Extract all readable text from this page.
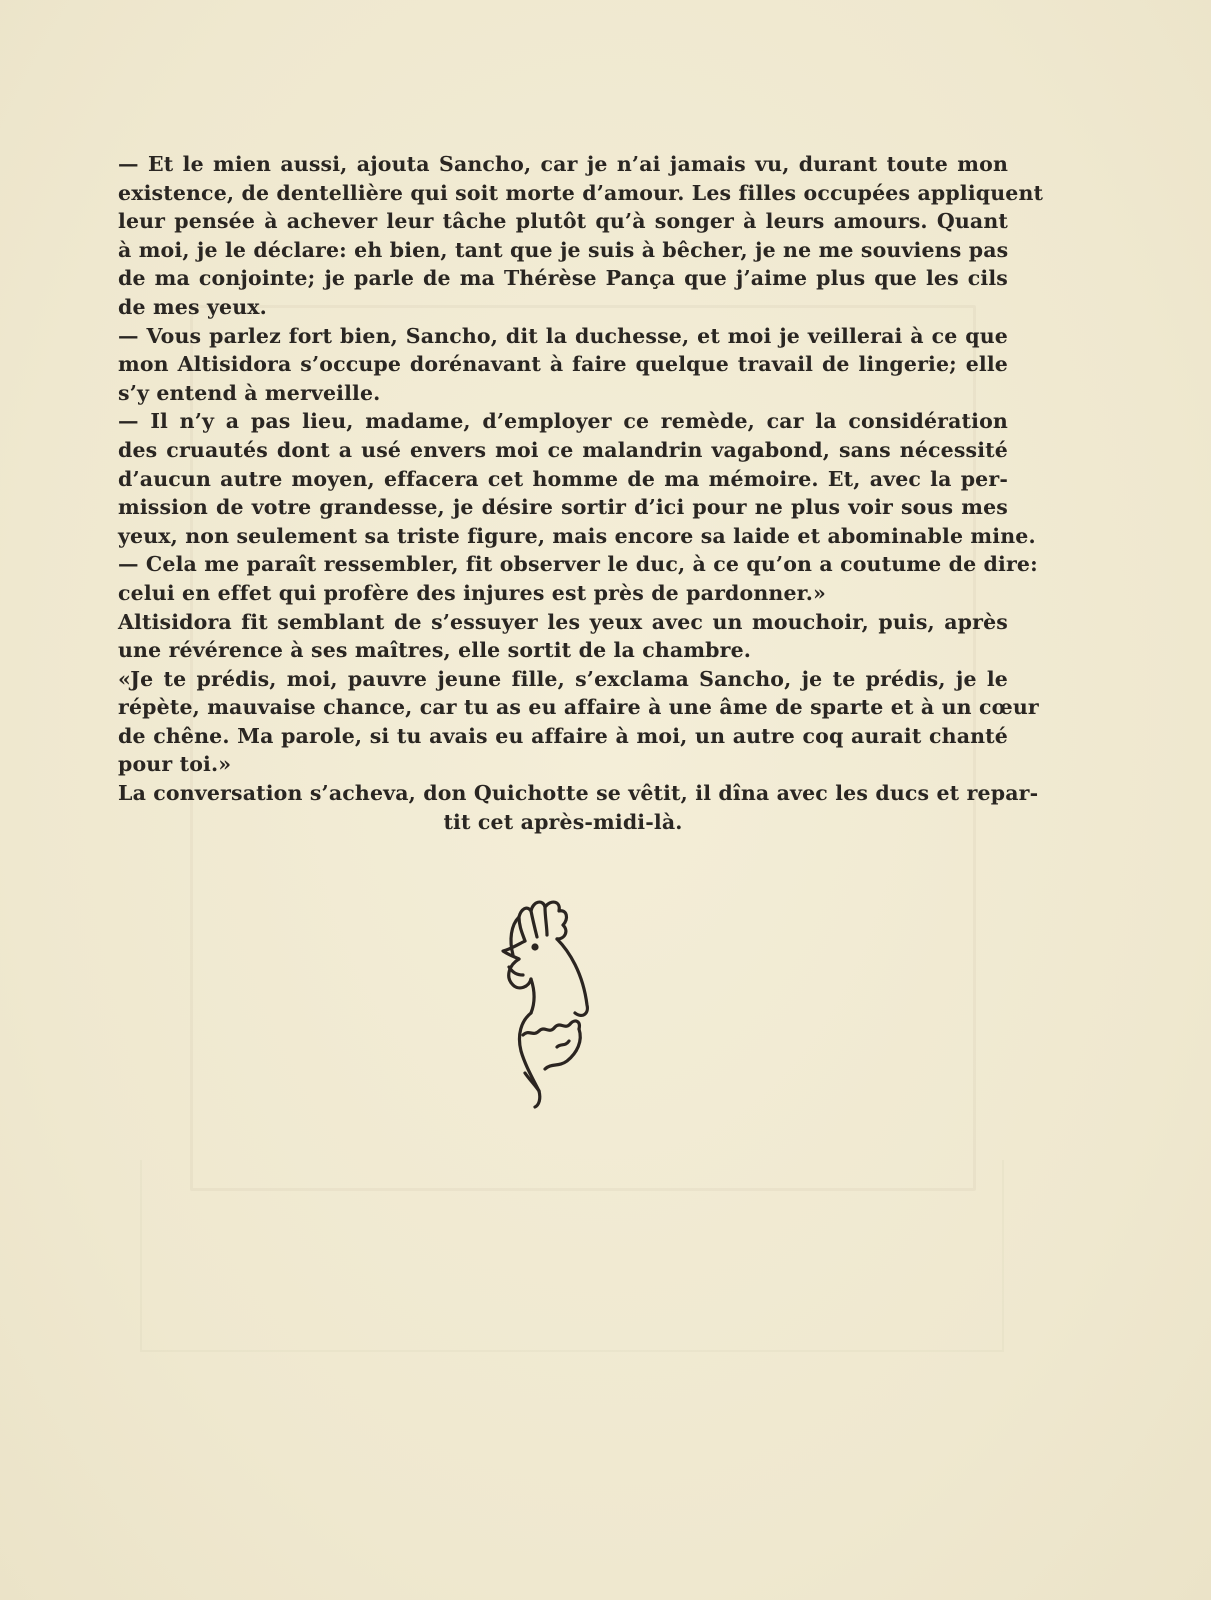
— Et le mien aussi, ajouta Sancho, car je n’ai jamais vu, durant toute mon
existence, de dentellière qui soit morte d’amour. Les filles occupées appliquent
leur pensée à achever leur tâche plutôt qu’à songer à leurs amours. Quant
à moi, je le déclare: eh bien, tant que je suis à bêcher, je ne me souviens pas
de ma conjointe; je parle de ma Thérèse Pança que j’aime plus que les cils
de mes yeux.
— Vous parlez fort bien, Sancho, dit la duchesse, et moi je veillerai à ce que
mon Altisidora s’occupe dorénavant à faire quelque travail de lingerie; elle
s’y entend à merveille.
— Il n’y a pas lieu, madame, d’employer ce remède, car la considération
des cruautés dont a usé envers moi ce malandrin vagabond, sans nécessité
d’aucun autre moyen, effacera cet homme de ma mémoire. Et, avec la per-
mission de votre grandesse, je désire sortir d’ici pour ne plus voir sous mes
yeux, non seulement sa triste figure, mais encore sa laide et abominable mine.
— Cela me paraît ressembler, fit observer le duc, à ce qu’on a coutume de dire:
celui en effet qui profère des injures est près de pardonner.»
Altisidora fit semblant de s’essuyer les yeux avec un mouchoir, puis, après
une révérence à ses maîtres, elle sortit de la chambre.
«Je te prédis, moi, pauvre jeune fille, s’exclama Sancho, je te prédis, je le
répète, mauvaise chance, car tu as eu affaire à une âme de sparte et à un cœur
de chêne. Ma parole, si tu avais eu affaire à moi, un autre coq aurait chanté
pour toi.»
La conversation s’acheva, don Quichotte se vêtit, il dîna avec les ducs et repar-
tit cet après-midi-là.
